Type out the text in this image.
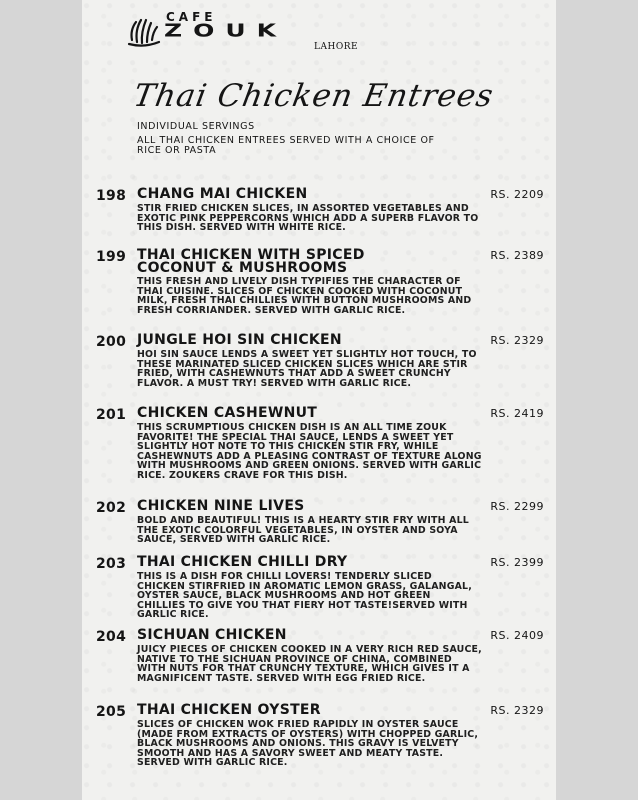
CAFE
ZOUK
LAHORE
Thai Chicken Entrees
INDIVIDUAL SERVINGS
ALL THAI CHICKEN ENTREES SERVED WITH A CHOICE OF RICE OR PASTA
198 CHANG MAI CHICKEN	RS. 2209
STIR FRIED CHICKEN SLICES, IN ASSORTED VEGETABLES AND EXOTIC PINK PEPPERCORNS WHICH ADD A SUPERB FLAVOR TO THIS DISH. SERVED WITH WHITE RICE.
199 THAI CHICKEN WITH SPICED COCONUT & MUSHROOMS
RS. 2389
THIS FRESH AND LIVELY DISH TYPIFIES THE CHARACTER OF THAI CUISINE. SLICES OF CHICKEN COOKED WITH COCONUT MILK, FRESH THAI CHILLIES WITH BUTTON MUSHROOMS AND FRESH CORRIANDER. SERVED WITH GARLIC RICE.
200 JUNGLE HOI SIN CHICKEN	RS. 2329
HOI SIN SAUCE LENDS A SWEET YET SLIGHTLY HOT TOUCH, TO THESE MARINATED SLICED CHICKEN SLICES WHICH ARE STIR FRIED, WITH CASHEWNUTS THAT ADD A SWEET CRUNCHY FLAVOR. A MUST TRY! SERVED WITH GARLIC RICE.
201 CHICKEN CASHEWNUT	RS. 2419
THIS SCRUMPTIOUS CHICKEN DISH IS AN ALL TIME ZOUK FAVORITE! THE SPECIAL THAI SAUCE, LENDS A SWEET YET SLIGHTLY HOT NOTE TO THIS CHICKEN STIR FRY, WHILE CASHEWNUTS ADD A PLEASING CONTRAST OF TEXTURE ALONG WITH MUSHROOMS AND GREEN ONIONS. SERVED WITH GARLIC RICE. ZOUKERS CRAVE FOR THIS DISH.
202 CHICKEN NINE LIVES	RS. 2299
BOLD AND BEAUTIFUL! THIS IS A HEARTY STIR FRY WITH ALL THE EXOTIC COLORFUL VEGETABLES, IN OYSTER AND SOYA SAUCE, SERVED WITH GARLIC RICE.
203 THAI CHICKEN CHILLI DRY	RS. 2399
THIS IS A DISH FOR CHILLI LOVERS! TENDERLY SLICED CHICKEN STIRFRIED IN AROMATIC LEMON GRASS, GALANGAL, OYSTER SAUCE, BLACK MUSHROOMS AND HOT GREEN CHILLIES TO GIVE YOU THAT FIERY HOT TASTE!SERVED WITH GARLIC RICE.
204 SICHUAN CHICKEN	RS. 2409
JUICY PIECES OF CHICKEN COOKED IN A VERY RICH RED SAUCE, NATIVE TO THE SICHUAN PROVINCE OF CHINA, COMBINED WITH NUTS FOR THAT CRUNCHY TEXTURE, WHICH GIVES IT A MAGNIFICENT TASTE. SERVED WITH EGG FRIED RICE.
205 THAI CHICKEN OYSTER	RS. 2329
SLICES OF CHICKEN WOK FRIED RAPIDLY IN OYSTER SAUCE (MADE FROM EXTRACTS OF OYSTERS) WITH CHOPPED GARLIC, BLACK MUSHROOMS AND ONIONS. THIS GRAVY IS VELVETY SMOOTH AND HAS A SAVORY SWEET AND MEATY TASTE. SERVED WITH GARLIC RICE.
